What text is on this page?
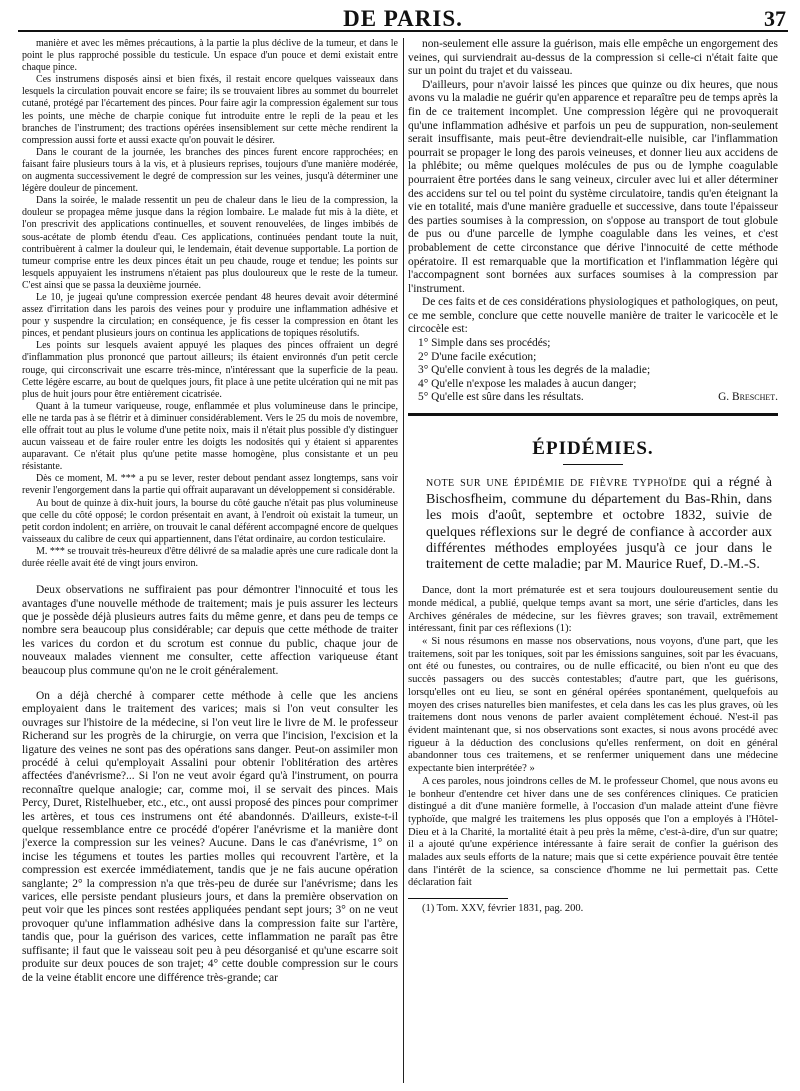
DE PARIS.	37

manière et avec les mêmes précautions, à la partie la plus déclive de la tumeur, et dans le point le plus rapproché possible du testicule. Un espace d'un pouce et demi existait entre chaque pince.

Ces instrumens disposés ainsi et bien fixés, il restait encore quelques vaisseaux dans lesquels la circulation pouvait encore se faire; ils se trouvaient libres au sommet du bourrelet cutané, protégé par l'écartement des pinces. Pour faire agir la compression également sur tous les points, une mèche de charpie conique fut introduite entre le repli de la peau et les branches de l'instrument; des tractions opérées insensiblement sur cette mèche rendirent la compression aussi forte et aussi exacte qu'on pouvait le désirer.

Dans le courant de la journée, les branches des pinces furent encore rapprochées; en faisant faire plusieurs tours à la vis, et à plusieurs reprises, toujours d'une manière modérée, on augmenta successivement le degré de compression sur les veines, jusqu'à déterminer une légère douleur de pincement.

Dans la soirée, le malade ressentit un peu de chaleur dans le lieu de la compression, la douleur se propagea même jusque dans la région lombaire. Le malade fut mis à la diète, et l'on prescrivit des applications continuelles, et souvent renouvelées, de linges imbibés de sous-acétate de plomb étendu d'eau. Ces applications, continuées pendant toute la nuit, contribuèrent à calmer la douleur qui, le lendemain, était devenue supportable. La portion de tumeur comprise entre les deux pinces était un peu chaude, rouge et tendue; les points sur lesquels appuyaient les instrumens n'étaient pas plus douloureux que le reste de la tumeur. C'est ainsi que se passa la deuxième journée.

Le 10, je jugeai qu'une compression exercée pendant 48 heures devait avoir déterminé assez d'irritation dans les parois des veines pour y produire une inflammation adhésive et pour y suspendre la circulation; en conséquence, je fis cesser la compression en ôtant les pinces, et pendant plusieurs jours on continua les applications de topiques résolutifs.

Les points sur lesquels avaient appuyé les plaques des pinces offraient un degré d'inflammation plus prononcé que partout ailleurs; ils étaient environnés d'un petit cercle rouge, qui circonscrivait une escarre très-mince, n'intéressant que la superficie de la peau. Cette légère escarre, au bout de quelques jours, fit place à une petite ulcération qui ne mit pas plus de huit jours pour être entièrement cicatrisée.

Quant à la tumeur variqueuse, rouge, enflammée et plus volumineuse dans le principe, elle ne tarda pas à se flétrir et à diminuer considérablement. Vers le 25 du mois de novembre, elle offrait tout au plus le volume d'une petite noix, mais il n'était plus possible d'y distinguer aucun vaisseau et de faire rouler entre les doigts les nodosités qui y étaient si apparentes auparavant. Ce n'était plus qu'une petite masse homogène, plus consistante et un peu résistante.

Dès ce moment, M. *** a pu se lever, rester debout pendant assez longtemps, sans voir revenir l'engorgement dans la partie qui offrait auparavant un développement si considérable.

Au bout de quinze à dix-huit jours, la bourse du côté gauche n'était pas plus volumineuse que celle du côté opposé; le cordon présentait en avant, à l'endroit où existait la tumeur, un petit cordon indolent; en arrière, on trouvait le canal déférent accompagné encore de quelques vaisseaux du calibre de ceux qui appartiennent, dans l'état ordinaire, au cordon testiculaire.

M. *** se trouvait très-heureux d'être délivré de sa maladie après une cure radicale dont la durée réelle avait été de vingt jours environ.

Deux observations ne suffiraient pas pour démontrer l'innocuité et tous les avantages d'une nouvelle méthode de traitement; mais je puis assurer les lecteurs que je possède déjà plusieurs autres faits du même genre, et dans peu de temps ce nombre sera beaucoup plus considérable; car depuis que cette méthode de traiter les varices du cordon et du scrotum est connue du public, chaque jour de nouveaux malades viennent me consulter, cette affection variqueuse étant beaucoup plus commune qu'on ne le croit généralement.

On a déjà cherché à comparer cette méthode à celle que les anciens employaient dans le traitement des varices; mais si l'on veut consulter les ouvrages sur l'histoire de la médecine, si l'on veut lire le livre de M. le professeur Richerand sur les progrès de la chirurgie, on verra que l'incision, l'excision et la ligature des veines ne sont pas des opérations sans danger. Peut-on assimiler mon procédé à celui qu'employait Assalini pour obtenir l'oblitération des artères affectées d'anévrisme?... Si l'on ne veut avoir égard qu'à l'instrument, on pourra reconnaître quelque analogie; car, comme moi, il se servait des pinces. Mais Percy, Duret, Ristelhueber, etc., etc., ont aussi proposé des pinces pour comprimer les artères, et tous ces instrumens ont été abandonnés. D'ailleurs, existe-t-il quelque ressemblance entre ce procédé d'opérer l'anévrisme et la manière dont j'exerce la compression sur les veines? Aucune. Dans le cas d'anévrisme, 1° on incise les tégumens et toutes les parties molles qui recouvrent l'artère, et la compression est exercée immédiatement, tandis que je ne fais aucune opération sanglante; 2° la compression n'a que très-peu de durée sur l'anévrisme; dans les varices, elle persiste pendant plusieurs jours, et dans la première observation on peut voir que les pinces sont restées appliquées pendant sept jours; 3° on ne veut provoquer qu'une inflammation adhésive dans la compression faite sur l'artère, tandis que, pour la guérison des varices, cette inflammation ne paraît pas être suffisante; il faut que le vaisseau soit peu à peu désorganisé et qu'une escarre soit produite sur deux pouces de son trajet; 4° cette double compression sur le cours de la veine établit encore une différence très-grande; car

non-seulement elle assure la guérison, mais elle empêche un engorgement des veines, qui surviendrait au-dessus de la compression si celle-ci n'était faite que sur un point du trajet et du vaisseau.

D'ailleurs, pour n'avoir laissé les pinces que quinze ou dix heures, que nous avons vu la maladie ne guérir qu'en apparence et reparaître peu de temps après la fin de ce traitement incomplet. Une compression légère qui ne provoquerait qu'une inflammation adhésive et parfois un peu de suppuration, non-seulement serait insuffisante, mais peut-être deviendrait-elle nuisible, car l'inflammation pourrait se propager le long des parois veineuses, et donner lieu aux accidens de la phlébite; ou même quelques molécules de pus ou de lymphe coagulable pourraient être portées dans le sang veineux, circuler avec lui et aller déterminer des accidens sur tel ou tel point du système circulatoire, tandis qu'en éteignant la vie en totalité, mais d'une manière graduelle et successive, dans toute l'épaisseur des parties soumises à la compression, on s'oppose au transport de tout globule de pus ou d'une parcelle de lymphe coagulable dans les veines, et c'est probablement de cette circonstance que dérive l'innocuité de cette méthode opératoire. Il est remarquable que la mortification et l'inflammation légère qui l'accompagnent sont bornées aux surfaces soumises à la compression par l'instrument.

De ces faits et de ces considérations physiologiques et pathologiques, on peut, ce me semble, conclure que cette nouvelle manière de traiter le varicocèle et le circocèle est:

1° Simple dans ses procédés;
2° D'une facile exécution;
3° Qu'elle convient à tous les degrés de la maladie;
4° Qu'elle n'expose les malades à aucun danger;
5° Qu'elle est sûre dans les résultats.	G. Breschet.
ÉPIDÉMIES.
NOTE SUR UNE ÉPIDÉMIE DE FIÈVRE TYPHOÏDE qui a régné à Bischosfheim, commune du département du Bas-Rhin, dans les mois d'août, septembre et octobre 1832, suivie de quelques réflexions sur le degré de confiance à accorder aux différentes méthodes employées jusqu'à ce jour dans le traitement de cette maladie; par M. Maurice Ruef, D.-M.-S.

Dance, dont la mort prématurée est et sera toujours douloureusement sentie du monde médical, a publié, quelque temps avant sa mort, une série d'articles, dans les Archives générales de médecine, sur les fièvres graves; son travail, extrêmement intéressant, finit par ces réflexions (1):

« Si nous résumons en masse nos observations, nous voyons, d'une part, que les traitemens, soit par les toniques, soit par les émissions sanguines, soit par les évacuans, ont été ou funestes, ou contraires, ou de nulle efficacité, ou bien n'ont eu que des succès passagers ou des succès contestables; d'autre part, que les guérisons, lorsqu'elles ont eu lieu, se sont en général opérées spontanément, quelquefois au moyen des crises naturelles bien manifestes, et cela dans les cas les plus graves, où les traitemens dont nous venons de parler avaient complètement échoué. N'est-il pas évident maintenant que, si nos observations sont exactes, si nous avons procédé avec rigueur à la déduction des conclusions qu'elles renferment, on doit en général abandonner tous ces traitemens, et se renfermer uniquement dans une médecine expectante bien interprétée? »

A ces paroles, nous joindrons celles de M. le professeur Chomel, que nous avons eu le bonheur d'entendre cet hiver dans une de ses conférences cliniques. Ce praticien distingué a dit d'une manière formelle, à l'occasion d'un malade atteint d'une fièvre typhoïde, que malgré les traitemens les plus opposés que l'on a employés à l'Hôtel-Dieu et à la Charité, la mortalité était à peu près la même, c'est-à-dire, d'un sur quatre; il a ajouté qu'une expérience intéressante à faire serait de confier la guérison des malades aux seuls efforts de la nature; mais que si cette expérience pouvait être tentée dans l'intérêt de la science, sa conscience d'homme ne lui permettait pas. Cette déclaration fait

(1) Tom. XXV, février 1831, pag. 200.
